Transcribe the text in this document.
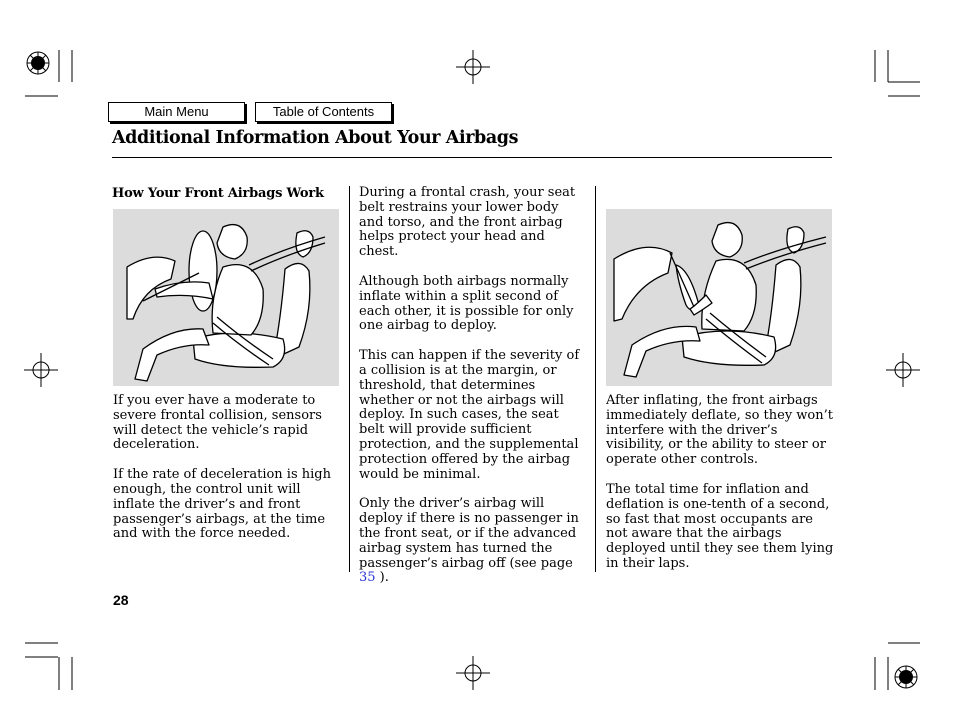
Main Menu	Table of Contents
Additional Information About Your Airbags
How Your Front Airbags Work

If you ever have a moderate to severe frontal collision, sensors will detect the vehicle’s rapid deceleration.

If the rate of deceleration is high enough, the control unit will inflate the driver’s and front passenger’s airbags, at the time and with the force needed.

During a frontal crash, your seat belt restrains your lower body and torso, and the front airbag helps protect your head and chest.

Although both airbags normally inflate within a split second of each other, it is possible for only one airbag to deploy.

This can happen if the severity of a collision is at the margin, or threshold, that determines whether or not the airbags will deploy. In such cases, the seat belt will provide sufficient protection, and the supplemental protection offered by the airbag would be minimal.

Only the driver’s airbag will deploy if there is no passenger in the front seat, or if the advanced airbag system has turned the passenger’s airbag off (see page 35 ).

After inflating, the front airbags immediately deflate, so they won’t interfere with the driver’s visibility, or the ability to steer or operate other controls.

The total time for inflation and deflation is one-tenth of a second, so fast that most occupants are not aware that the airbags deployed until they see them lying in their laps.

28
